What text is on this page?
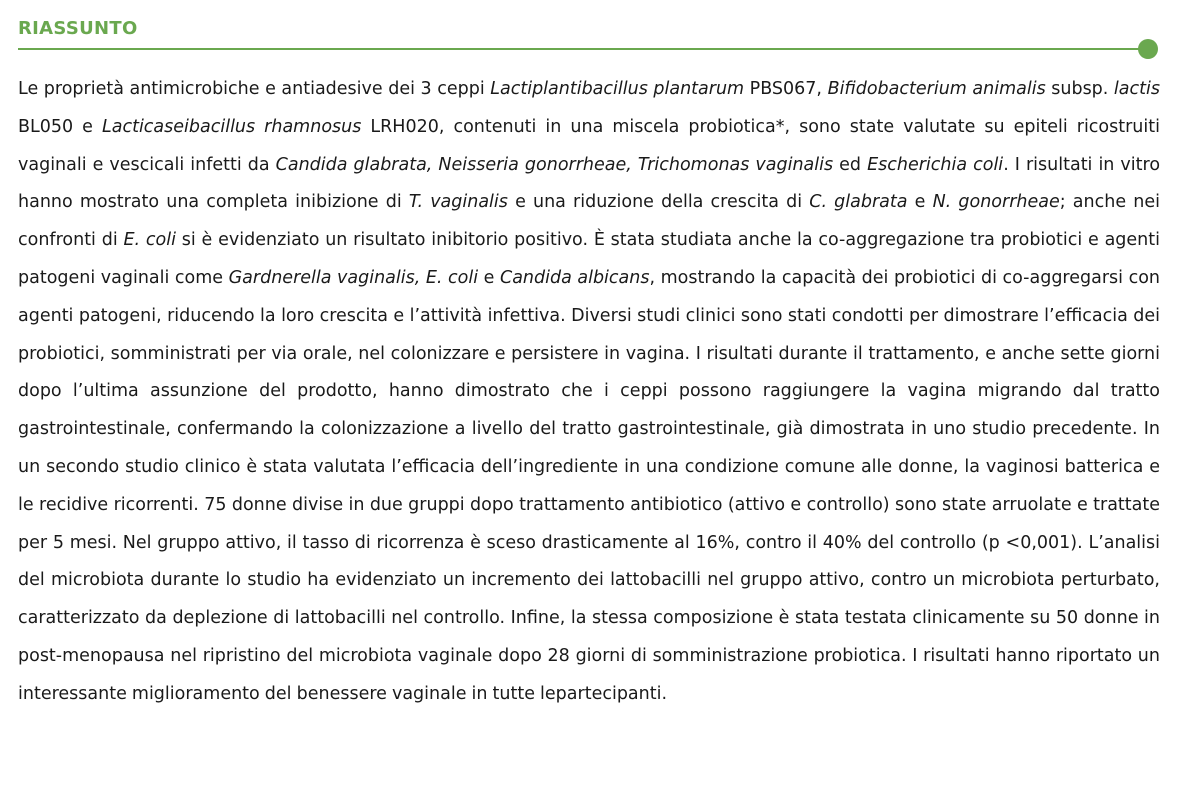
RIASSUNTO

Le proprietà antimicrobiche e antiadesive dei 3 ceppi Lactiplantibacillus plantarum PBS067, Bifidobacterium animalis subsp. lactis BL050 e Lacticaseibacillus rhamnosus LRH020, contenuti in una miscela probiotica*, sono state valutate su epiteli ricostruiti vaginali e vescicali infetti da Candida glabrata, Neisseria gonorrheae, Trichomonas vaginalis ed Escherichia coli. I risultati in vitro hanno mostrato una completa inibizione di T. vaginalis e una riduzione della crescita di C. glabrata e N. gonorrheae; anche nei confronti di E. coli si è evidenziato un risultato inibitorio positivo. È stata studiata anche la co-aggregazione tra probiotici e agenti patogeni vaginali come Gardnerella vaginalis, E. coli e Candida albicans, mostrando la capacità dei probiotici di co-aggregarsi con agenti patogeni, riducendo la loro crescita e l’attività infettiva. Diversi studi clinici sono stati condotti per dimostrare l’efficacia dei probiotici, somministrati per via orale, nel colonizzare e persistere in vagina. I risultati durante il trattamento, e anche sette giorni dopo l’ultima assunzione del prodotto, hanno dimostrato che i ceppi possono raggiungere la vagina migrando dal tratto gastrointestinale, confermando la colonizzazione a livello del tratto gastrointestinale, già dimostrata in uno studio precedente. In un secondo studio clinico è stata valutata l’efficacia dell’ingrediente in una condizione comune alle donne, la vaginosi batterica e le recidive ricorrenti. 75 donne divise in due gruppi dopo trattamento antibiotico (attivo e controllo) sono state arruolate e trattate per 5 mesi. Nel gruppo attivo, il tasso di ricorrenza è sceso drasticamente al 16%, contro il 40% del controllo (p <0,001). L’analisi del microbiota durante lo studio ha evidenziato un incremento dei lattobacilli nel gruppo attivo, contro un microbiota perturbato, caratterizzato da deplezione di lattobacilli nel controllo. Infine, la stessa composizione è stata testata clinicamente su 50 donne in post-menopausa nel ripristino del microbiota vaginale dopo 28 giorni di somministrazione probiotica. I risultati hanno riportato un interessante miglioramento del benessere vaginale in tutte lepartecipanti.
